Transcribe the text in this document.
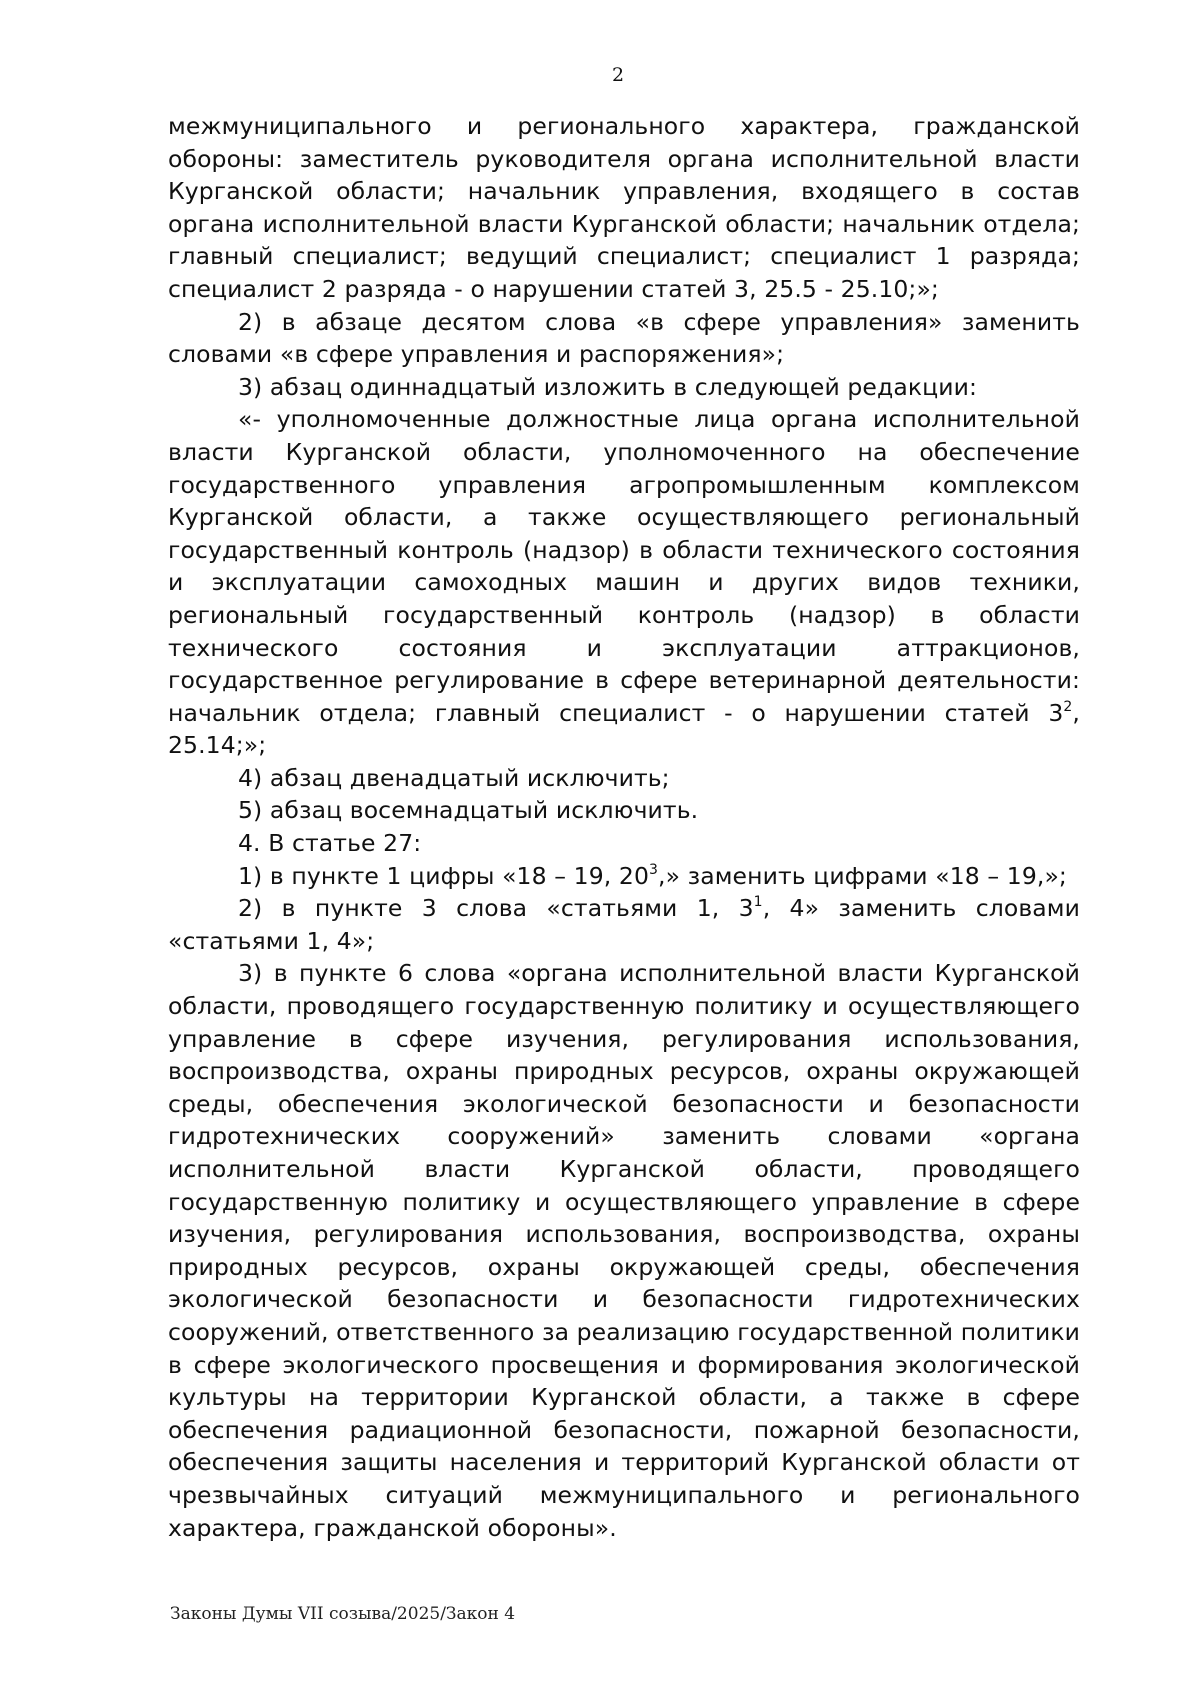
2

межмуниципального и регионального характера, гражданской обороны: заместитель руководителя органа исполнительной власти Курганской области; начальник управления, входящего в состав органа исполнительной власти Курганской области; начальник отдела; главный специалист; ведущий специалист; специалист 1 разряда; специалист 2 разряда - о нарушении статей 3, 25.5 - 25.10;»;

2) в абзаце десятом слова «в сфере управления» заменить словами «в сфере управления и распоряжения»;

3) абзац одиннадцатый изложить в следующей редакции:

«- уполномоченные должностные лица органа исполнительной власти Курганской области, уполномоченного на обеспечение государственного управления агропромышленным комплексом Курганской области, а также осуществляющего региональный государственный контроль (надзор) в области технического состояния и эксплуатации самоходных машин и других видов техники, региональный государственный контроль (надзор) в области технического состояния и эксплуатации аттракционов, государственное регулирование в сфере ветеринарной деятельности: начальник отдела; главный специалист - о нарушении статей $3^2$, 25.14;»;

4) абзац двенадцатый исключить;

5) абзац восемнадцатый исключить.

4. В статье 27:

1) в пункте 1 цифры «18 – 19, $20^3$,» заменить цифрами «18 – 19,»;

2) в пункте 3 слова «статьями 1, $3^1$, 4» заменить словами «статьями 1, 4»;

3) в пункте 6 слова «органа исполнительной власти Курганской области, проводящего государственную политику и осуществляющего управление в сфере изучения, регулирования использования, воспроизводства, охраны природных ресурсов, охраны окружающей среды, обеспечения экологической безопасности и безопасности гидротехнических сооружений» заменить словами «органа исполнительной власти Курганской области, проводящего государственную политику и осуществляющего управление в сфере изучения, регулирования использования, воспроизводства, охраны природных ресурсов, охраны окружающей среды, обеспечения экологической безопасности и безопасности гидротехнических сооружений, ответственного за реализацию государственной политики в сфере экологического просвещения и формирования экологической культуры на территории Курганской области, а также в сфере обеспечения радиационной безопасности, пожарной безопасности, обеспечения защиты населения и территорий Курганской области от чрезвычайных ситуаций межмуниципального и регионального характера, гражданской обороны».

Законы Думы VII созыва/2025/Закон 4
